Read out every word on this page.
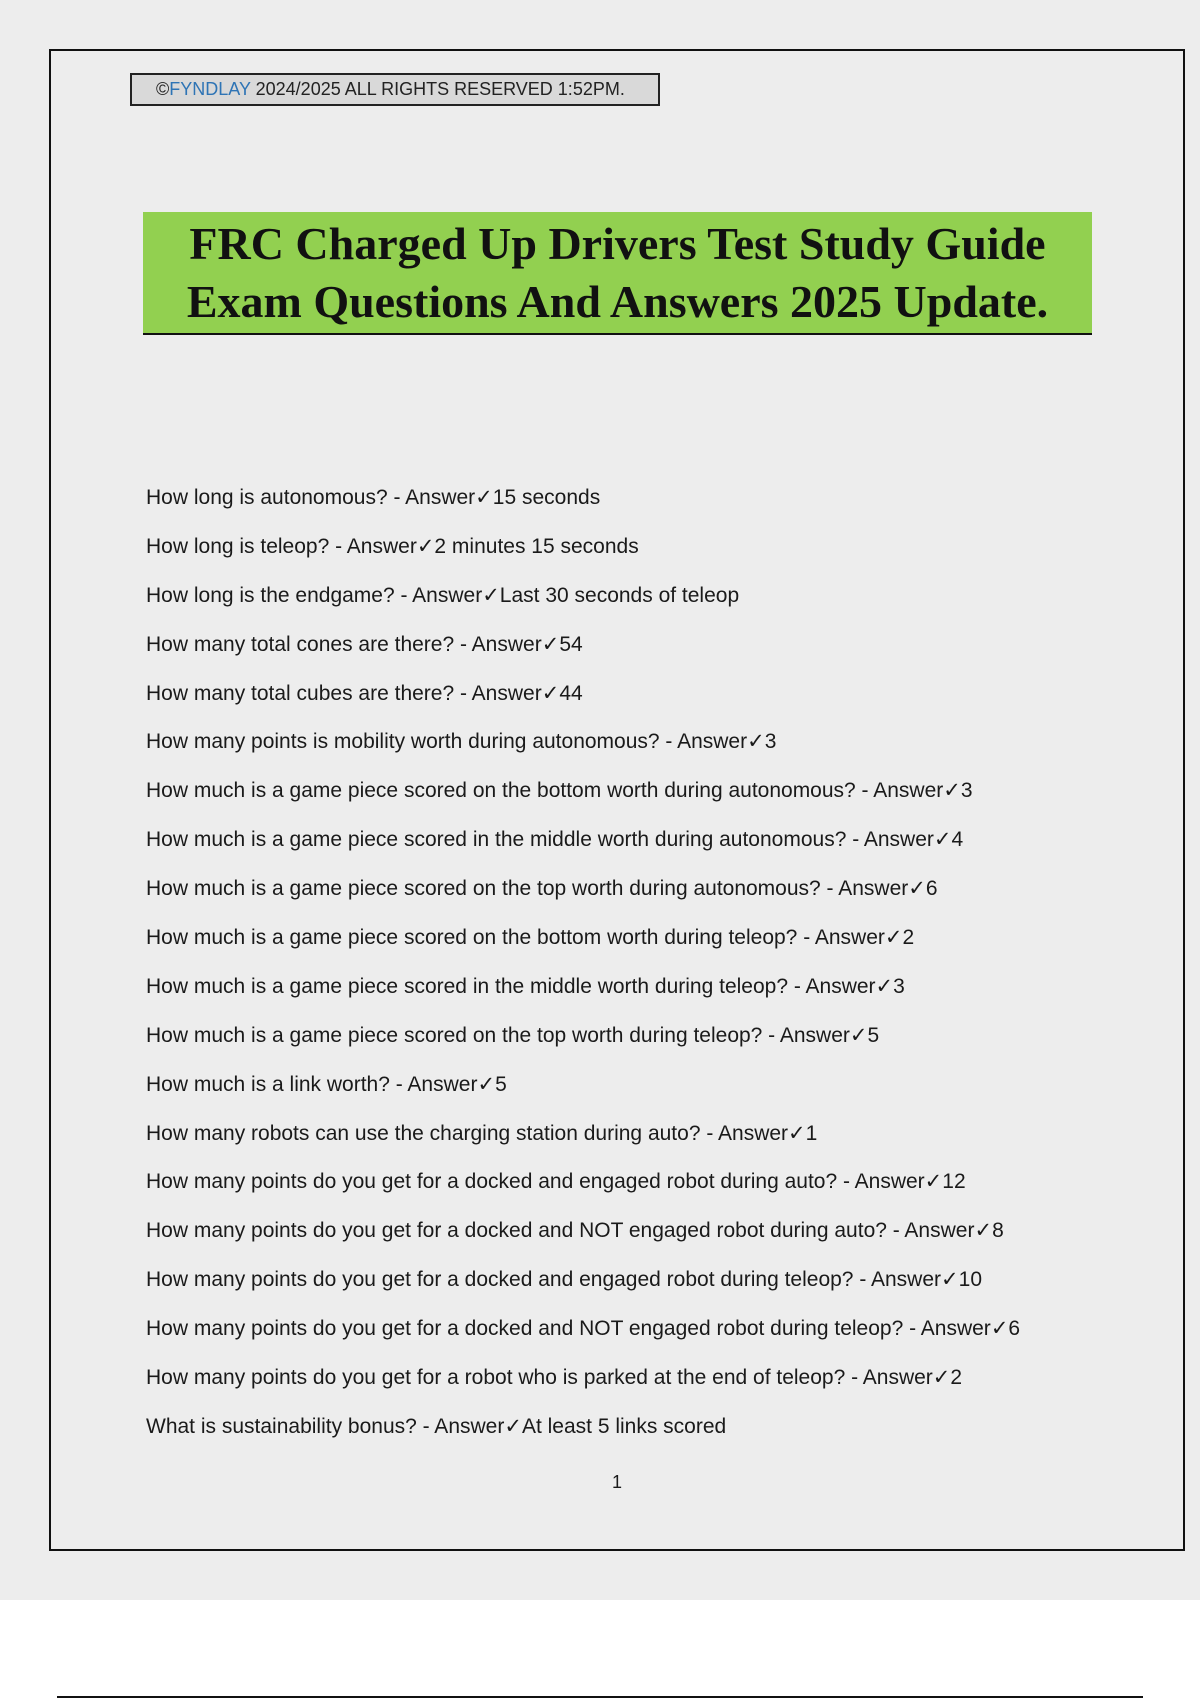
©FYNDLAY 2024/2025 ALL RIGHTS RESERVED 1:52PM.
FRC Charged Up Drivers Test Study Guide
Exam Questions And Answers 2025 Update.
How long is autonomous? - Answer✓15 seconds
How long is teleop? - Answer✓2 minutes 15 seconds
How long is the endgame? - Answer✓Last 30 seconds of teleop
How many total cones are there? - Answer✓54
How many total cubes are there? - Answer✓44
How many points is mobility worth during autonomous? - Answer✓3
How much is a game piece scored on the bottom worth during autonomous? - Answer✓3
How much is a game piece scored in the middle worth during autonomous? - Answer✓4
How much is a game piece scored on the top worth during autonomous? - Answer✓6
How much is a game piece scored on the bottom worth during teleop? - Answer✓2
How much is a game piece scored in the middle worth during teleop? - Answer✓3
How much is a game piece scored on the top worth during teleop? - Answer✓5
How much is a link worth? - Answer✓5
How many robots can use the charging station during auto? - Answer✓1
How many points do you get for a docked and engaged robot during auto? - Answer✓12
How many points do you get for a docked and NOT engaged robot during auto? - Answer✓8
How many points do you get for a docked and engaged robot during teleop? - Answer✓10
How many points do you get for a docked and NOT engaged robot during teleop? - Answer✓6
How many points do you get for a robot who is parked at the end of teleop? - Answer✓2
What is sustainability bonus? - Answer✓At least 5 links scored
1
